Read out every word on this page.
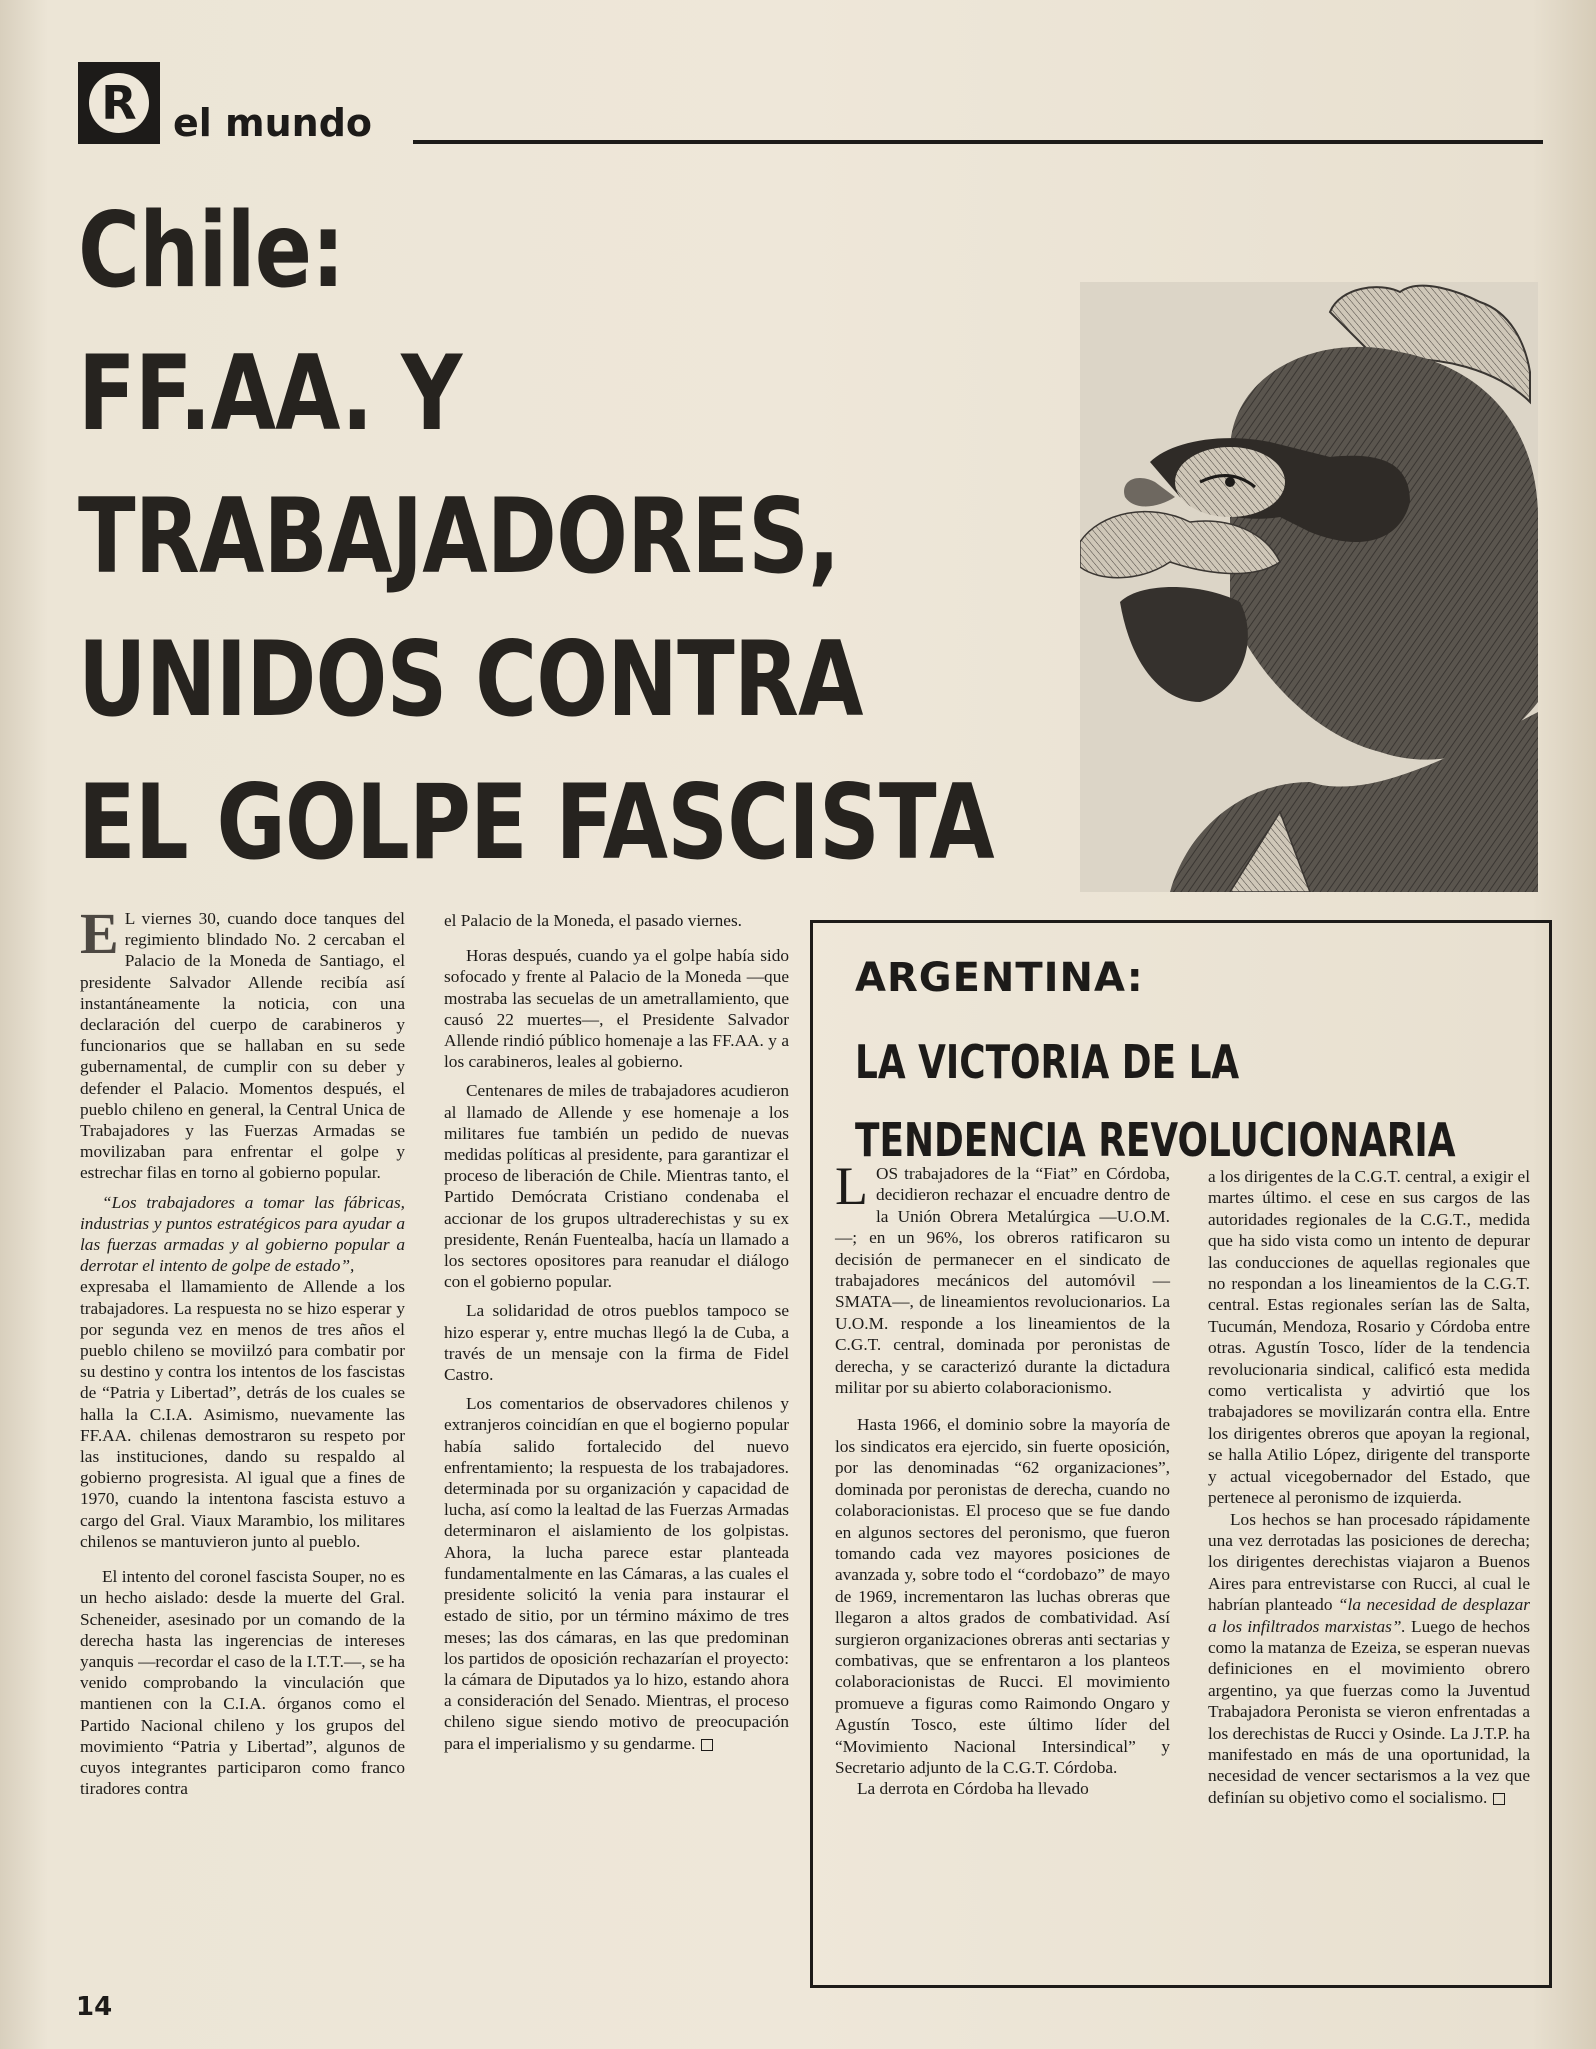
R el mundo
Chile:
FF.AA. Y
TRABAJADORES,
UNIDOS CONTRA
EL GOLPE FASCISTA

E L viernes 30, cuando doce tanques del regimiento blindado No. 2 cercaban el Palacio de la Moneda de Santiago, el presidente Salvador Allende recibía así instantáneamente la noticia, con una declaración del cuerpo de carabineros y funcionarios que se hallaban en su sede gubernamental, de cumplir con su deber y defender el Palacio. Momentos después, el pueblo chileno en general, la Central Unica de Trabajadores y las Fuerzas Armadas se movilizaban para enfrentar el golpe y estrechar filas en torno al gobierno popular.

“Los trabajadores a tomar las fábricas, industrias y puntos estratégicos para ayudar a las fuerzas armadas y al gobierno popular a derrotar el intento de golpe de estado”,

expresaba el llamamiento de Allende a los trabajadores. La respuesta no se hizo esperar y por segunda vez en menos de tres años el pueblo chileno se moviilzó para combatir por su destino y contra los intentos de los fascistas de “Patria y Libertad”, detrás de los cuales se halla la C.I.A. Asimismo, nuevamente las FF.AA. chilenas demostraron su respeto por las instituciones, dando su respaldo al gobierno progresista. Al igual que a fines de 1970, cuando la intentona fascista estuvo a cargo del Gral. Viaux Marambio, los militares chilenos se mantuvieron junto al pueblo.

El intento del coronel fascista Souper, no es un hecho aislado: desde la muerte del Gral. Scheneider, asesinado por un comando de la derecha hasta las ingerencias de intereses yanquis —recordar el caso de la I.T.T.—, se ha venido comprobando la vinculación que mantienen con la C.I.A. órganos como el Partido Nacional chileno y los grupos del movimiento “Patria y Libertad”, algunos de cuyos integrantes participaron como franco tiradores contra

el Palacio de la Moneda, el pasado viernes.

Horas después, cuando ya el golpe había sido sofocado y frente al Palacio de la Moneda —que mostraba las secuelas de un ametrallamiento, que causó 22 muertes—, el Presidente Salvador Allende rindió público homenaje a las FF.AA. y a los carabineros, leales al gobierno.

Centenares de miles de trabajadores acudieron al llamado de Allende y ese homenaje a los militares fue también un pedido de nuevas medidas políticas al presidente, para garantizar el proceso de liberación de Chile. Mientras tanto, el Partido Demócrata Cristiano condenaba el accionar de los grupos ultraderechistas y su ex presidente, Renán Fuentealba, hacía un llamado a los sectores opositores para reanudar el diálogo con el gobierno popular.

La solidaridad de otros pueblos tampoco se hizo esperar y, entre muchas llegó la de Cuba, a través de un mensaje con la firma de Fidel Castro.

Los comentarios de observadores chilenos y extranjeros coincidían en que el bogierno popular había salido fortalecido del nuevo enfrentamiento; la respuesta de los trabajadores. determinada por su organización y capacidad de lucha, así como la lealtad de las Fuerzas Armadas determinaron el aislamiento de los golpistas. Ahora, la lucha parece estar planteada fundamentalmente en las Cámaras, a las cuales el presidente solicitó la venia para instaurar el estado de sitio, por un término máximo de tres meses; las dos cámaras, en las que predominan los partidos de oposición rechazarían el proyecto: la cámara de Diputados ya lo hizo, estando ahora a consideración del Senado. Mientras, el proceso chileno sigue siendo motivo de preocupación para el imperialismo y su gendarme.

ARGENTINA:
LA VICTORIA DE LA
TENDENCIA REVOLUCIONARIA

LOS trabajadores de la “Fiat” en Córdoba, decidieron rechazar el encuadre dentro de la Unión Obrera Metalúrgica —U.O.M.—; en un 96%, los obreros ratificaron su decisión de permanecer en el sindicato de trabajadores mecánicos del automóvil —SMATA—, de lineamientos revolucionarios. La U.O.M. responde a los lineamientos de la C.G.T. central, dominada por peronistas de derecha, y se caracterizó durante la dictadura militar por su abierto colaboracionismo.

Hasta 1966, el dominio sobre la mayoría de los sindicatos era ejercido, sin fuerte oposición, por las denominadas “62 organizaciones”, dominada por peronistas de derecha, cuando no colaboracionistas. El proceso que se fue dando en algunos sectores del peronismo, que fueron tomando cada vez mayores posiciones de avanzada y, sobre todo el “cordobazo” de mayo de 1969, incrementaron las luchas obreras que llegaron a altos grados de combatividad. Así surgieron organizaciones obreras anti sectarias y combativas, que se enfrentaron a los planteos colaboracionistas de Rucci. El movimiento promueve a figuras como Raimondo Ongaro y Agustín Tosco, este último líder del “Movimiento Nacional Intersindical” y Secretario adjunto de la C.G.T. Córdoba.

La derrota en Córdoba ha llevado

a los dirigentes de la C.G.T. central, a exigir el martes último. el cese en sus cargos de las autoridades regionales de la C.G.T., medida que ha sido vista como un intento de depurar las conducciones de aquellas regionales que no respondan a los lineamientos de la C.G.T. central. Estas regionales serían las de Salta, Tucumán, Mendoza, Rosario y Córdoba entre otras. Agustín Tosco, líder de la tendencia revolucionaria sindical, calificó esta medida como verticalista y advirtió que los trabajadores se movilizarán contra ella. Entre los dirigentes obreros que apoyan la regional, se halla Atilio López, dirigente del transporte y actual vicegobernador del Estado, que pertenece al peronismo de izquierda.

Los hechos se han procesado rápidamente una vez derrotadas las posiciones de derecha; los dirigentes derechistas viajaron a Buenos Aires para entrevistarse con Rucci, al cual le habrían planteado “la necesidad de desplazar a los infiltrados marxistas”. Luego de hechos como la matanza de Ezeiza, se esperan nuevas definiciones en el movimiento obrero argentino, ya que fuerzas como la Juventud Trabajadora Peronista se vieron enfrentadas a los derechistas de Rucci y Osinde. La J.T.P. ha manifestado en más de una oportunidad, la necesidad de vencer sectarismos a la vez que definían su objetivo como el socialismo.

14
